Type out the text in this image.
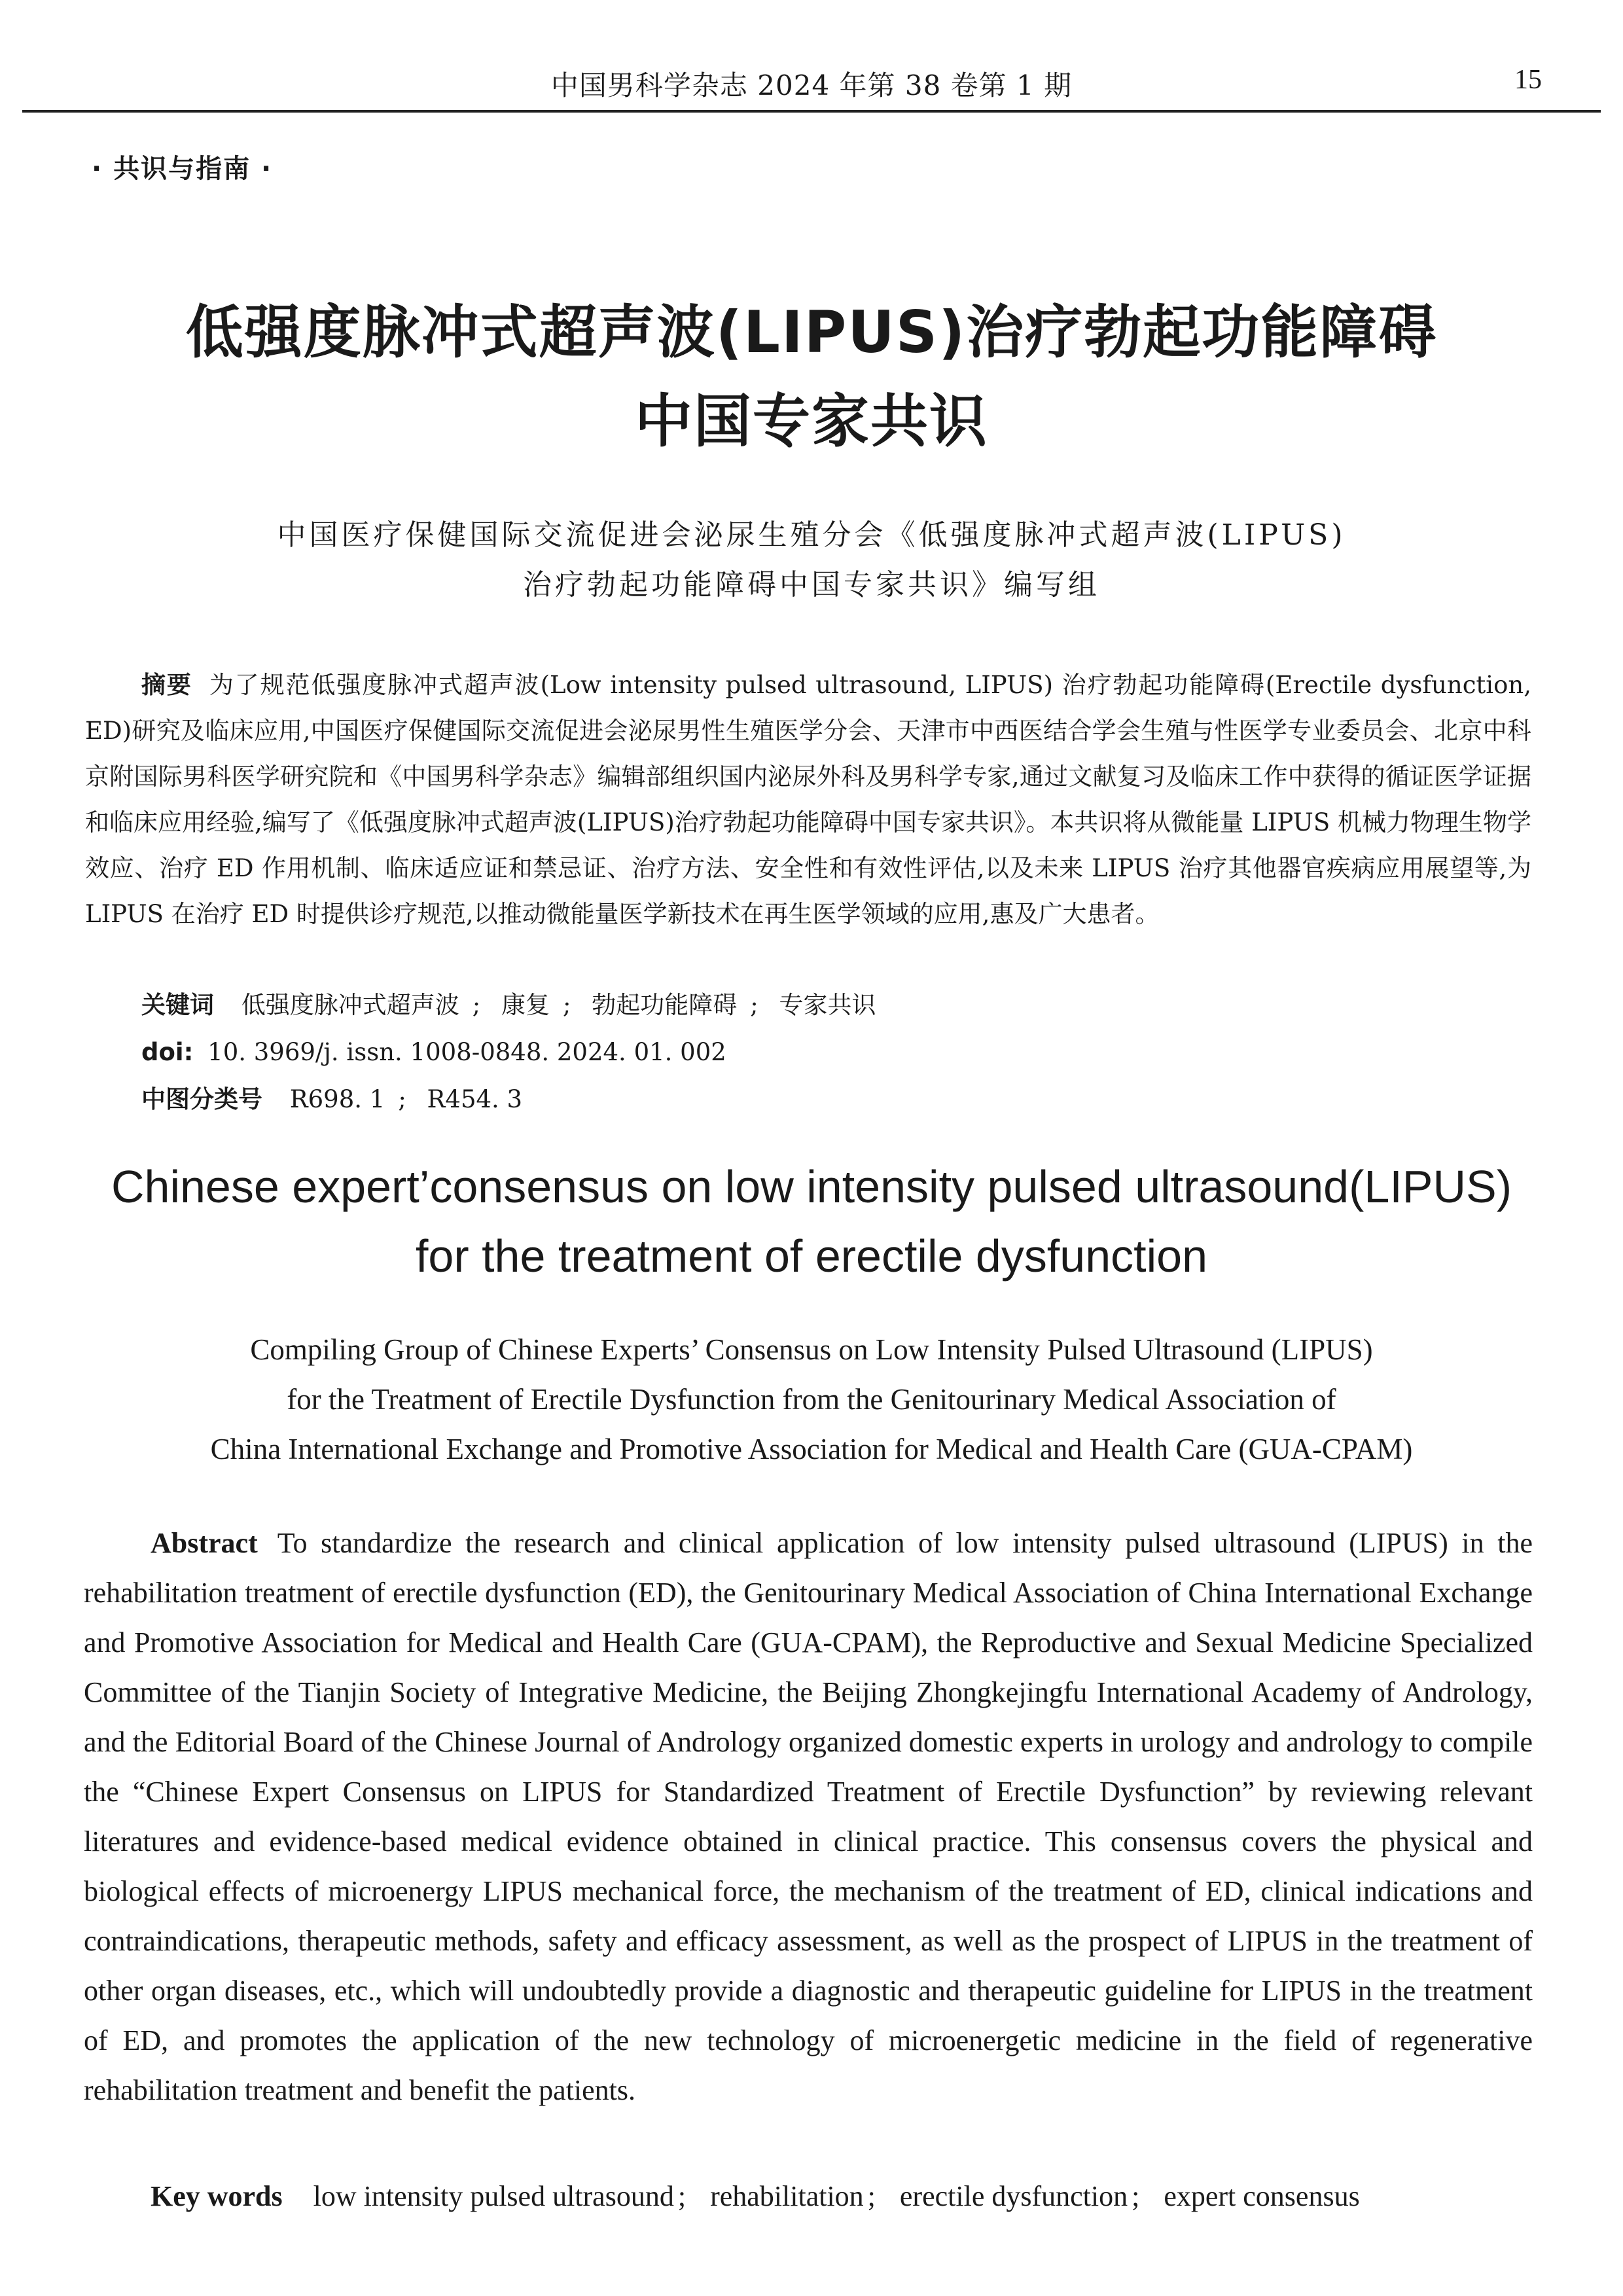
中国男科学杂志 2024 年第 38 卷第 1 期	15
· 共识与指南 ·
低强度脉冲式超声波(LIPUS)治疗勃起功能障碍
中国专家共识
中国医疗保健国际交流促进会泌尿生殖分会《低强度脉冲式超声波(LIPUS)
治疗勃起功能障碍中国专家共识》编写组
摘要 为了规范低强度脉冲式超声波(Low intensity pulsed ultrasound, LIPUS) 治疗勃起功能障碍(Erectile dysfunction, ED)研究及临床应用,中国医疗保健国际交流促进会泌尿男性生殖医学分会、天津市中西医结合学会生殖与性医学专业委员会、北京中科京附国际男科医学研究院和《中国男科学杂志》编辑部组织国内泌尿外科及男科学专家,通过文献复习及临床工作中获得的循证医学证据和临床应用经验,编写了《低强度脉冲式超声波(LIPUS)治疗勃起功能障碍中国专家共识》。本共识将从微能量 LIPUS 机械力物理生物学效应、治疗 ED 作用机制、临床适应证和禁忌证、治疗方法、安全性和有效性评估,以及未来 LIPUS 治疗其他器官疾病应用展望等,为 LIPUS 在治疗 ED 时提供诊疗规范,以推动微能量医学新技术在再生医学领域的应用,惠及广大患者。
关键词 低强度脉冲式超声波 ; 康复 ; 勃起功能障碍 ; 专家共识
doi: 10. 3969/j. issn. 1008-0848. 2024. 01. 002
中图分类号 R698. 1 ; R454. 3
Chinese expert’consensus on low intensity pulsed ultrasound(LIPUS)
for the treatment of erectile dysfunction
Compiling Group of Chinese Experts’ Consensus on Low Intensity Pulsed Ultrasound (LIPUS)
for the Treatment of Erectile Dysfunction from the Genitourinary Medical Association of
China International Exchange and Promotive Association for Medical and Health Care (GUA-CPAM)
Abstract To standardize the research and clinical application of low intensity pulsed ultrasound (LIPUS) in the rehabilitation treatment of erectile dysfunction (ED), the Genitourinary Medical Association of China International Exchange and Promotive Association for Medical and Health Care (GUA-CPAM), the Reproductive and Sexual Medicine Specialized Committee of the Tianjin Society of Integrative Medicine, the Beijing Zhongkejingfu International Academy of Andrology, and the Editorial Board of the Chinese Journal of Andrology organized domestic experts in urology and andrology to compile the “Chinese Expert Consensus on LIPUS for Standardized Treatment of Erectile Dysfunction” by reviewing relevant literatures and evidence-based medical evidence obtained in clinical practice. This consensus covers the physical and biological effects of microenergy LIPUS mechanical force, the mechanism of the treatment of ED, clinical indications and contraindications, therapeutic methods, safety and efficacy assessment, as well as the prospect of LIPUS in the treatment of other organ diseases, etc., which will undoubtedly provide a diagnostic and therapeutic guideline for LIPUS in the treatment of ED, and promotes the application of the new technology of microenergetic medicine in the field of regenerative rehabilitation treatment and benefit the patients.
Key words low intensity pulsed ultrasound ; rehabilitation ; erectile dysfunction ; expert consensus
